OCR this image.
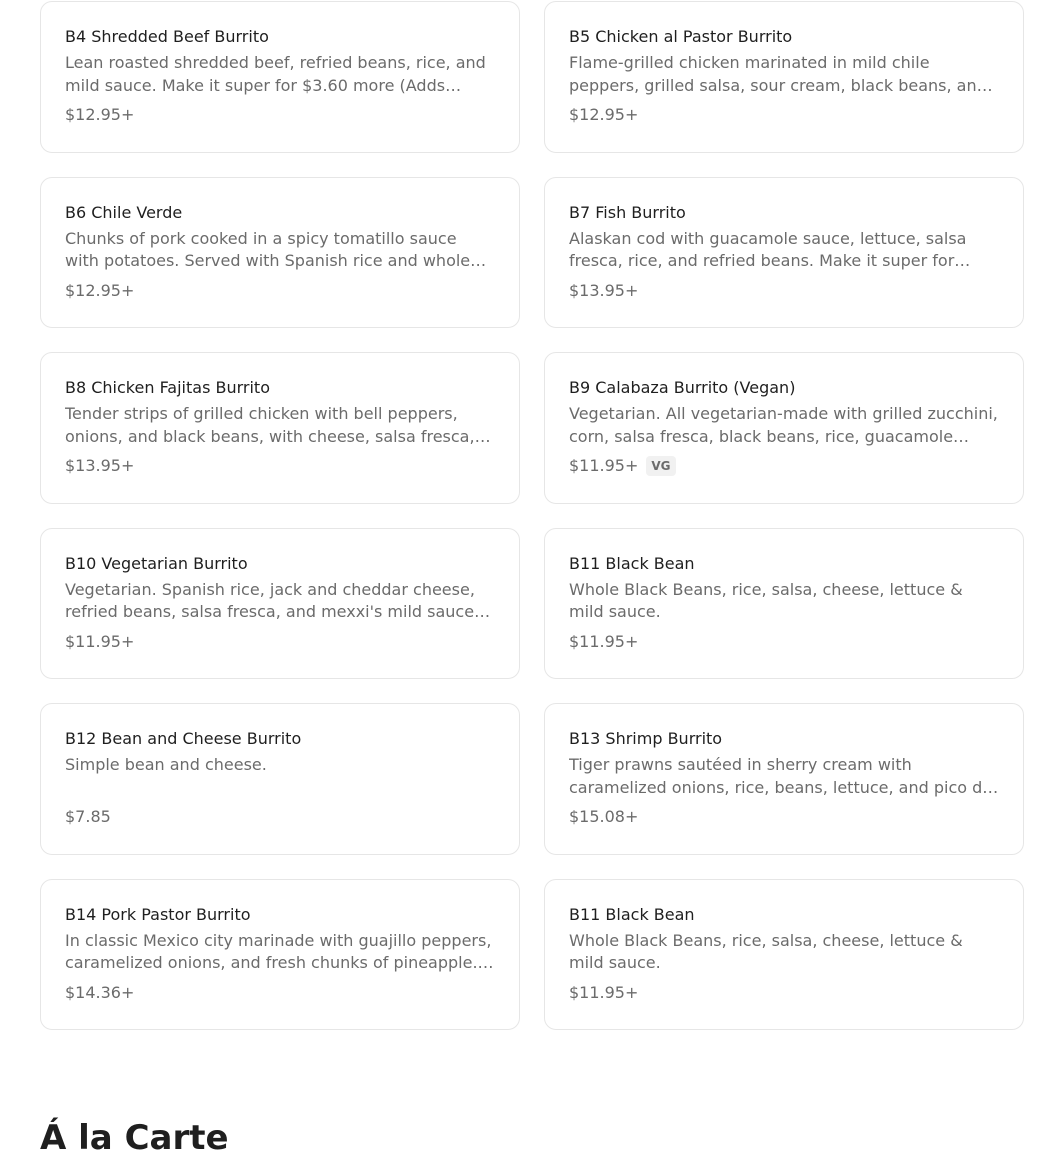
B4 Shredded Beef Burrito
Lean roasted shredded beef, refried beans, rice, and mild sauce. Make it super for $3.60 more (Adds
$12.95+
B5 Chicken al Pastor Burrito
Flame-grilled chicken marinated in mild chile peppers, grilled salsa, sour cream, black beans, and
$12.95+
B6 Chile Verde
Chunks of pork cooked in a spicy tomatillo sauce with potatoes. Served with Spanish rice and whole
$12.95+
B7 Fish Burrito
Alaskan cod with guacamole sauce, lettuce, salsa fresca, rice, and refried beans. Make it super for
$13.95+
B8 Chicken Fajitas Burrito
Tender strips of grilled chicken with bell peppers, onions, and black beans, with cheese, salsa fresca,
$13.95+
B9 Calabaza Burrito (Vegan)
Vegetarian. All vegetarian-made with grilled zucchini, corn, salsa fresca, black beans, rice, guacamole
$11.95+	VG
B10 Vegetarian Burrito
Vegetarian. Spanish rice, jack and cheddar cheese, refried beans, salsa fresca, and mexxi's mild sauce
$11.95+
B11 Black Bean
Whole Black Beans, rice, salsa, cheese, lettuce & mild sauce.
$11.95+
B12 Bean and Cheese Burrito
Simple bean and cheese.
$7.85
B13 Shrimp Burrito
Tiger prawns sautéed in sherry cream with caramelized onions, rice, beans, lettuce, and pico de
$15.08+
B14 Pork Pastor Burrito
In classic Mexico city marinade with guajillo peppers, caramelized onions, and fresh chunks of pineapple.
$14.36+
B11 Black Bean
Whole Black Beans, rice, salsa, cheese, lettuce & mild sauce.
$11.95+
Á la Carte
